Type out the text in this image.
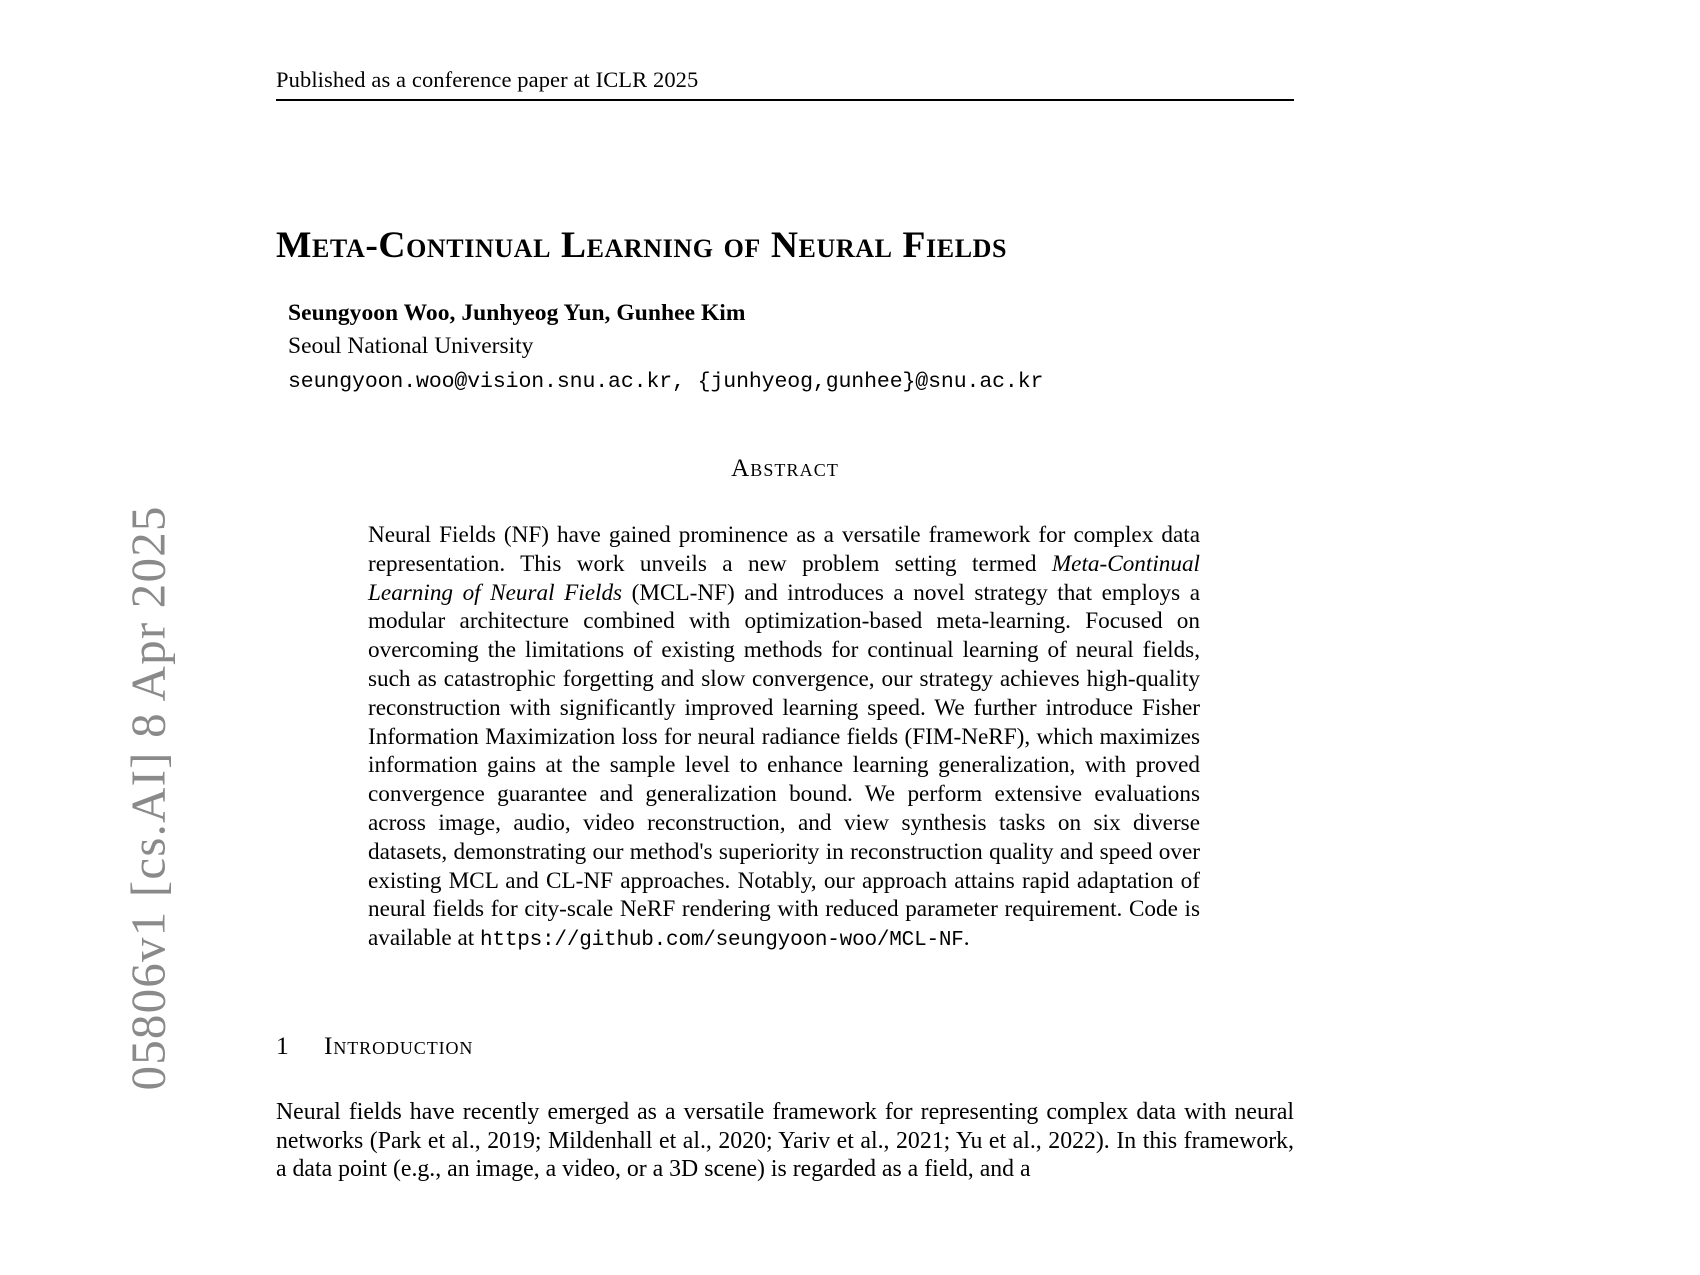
05806v1 [cs.AI] 8 Apr 2025
Published as a conference paper at ICLR 2025
Meta-Continual Learning of Neural Fields
Seungyoon Woo, Junhyeog Yun, Gunhee Kim
Seoul National University
seungyoon.woo@vision.snu.ac.kr, {junhyeog,gunhee}@snu.ac.kr
Abstract
Neural Fields (NF) have gained prominence as a versatile framework for complex data representation. This work unveils a new problem setting termed Meta-Continual Learning of Neural Fields (MCL-NF) and introduces a novel strategy that employs a modular architecture combined with optimization-based meta-learning. Focused on overcoming the limitations of existing methods for continual learning of neural fields, such as catastrophic forgetting and slow convergence, our strategy achieves high-quality reconstruction with significantly improved learning speed. We further introduce Fisher Information Maximization loss for neural radiance fields (FIM-NeRF), which maximizes information gains at the sample level to enhance learning generalization, with proved convergence guarantee and generalization bound. We perform extensive evaluations across image, audio, video reconstruction, and view synthesis tasks on six diverse datasets, demonstrating our method's superiority in reconstruction quality and speed over existing MCL and CL-NF approaches. Notably, our approach attains rapid adaptation of neural fields for city-scale NeRF rendering with reduced parameter requirement. Code is available at https://github.com/seungyoon-woo/MCL-NF.
1 Introduction
Neural fields have recently emerged as a versatile framework for representing complex data with neural networks (Park et al., 2019; Mildenhall et al., 2020; Yariv et al., 2021; Yu et al., 2022). In this framework, a data point (e.g., an image, a video, or a 3D scene) is regarded as a field, and a
